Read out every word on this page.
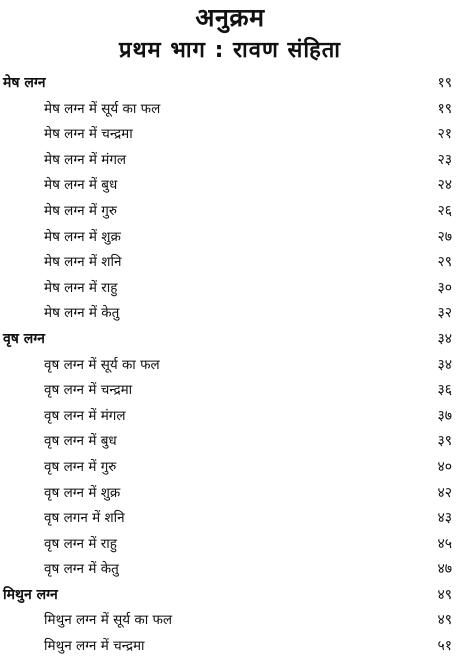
अनुक्रम
प्रथम भाग : रावण संहिता
मेष लग्न	१९
मेष लग्न में सूर्य का फल	१९
मेष लग्न में चन्द्रमा	२१
मेष लग्न में मंगल	२३
मेष लग्न में बुध	२४
मेष लग्न में गुरु	२६
मेष लग्न में शुक्र	२७
मेष लग्न में शनि	२९
मेष लग्न में राहु	३०
मेष लग्न में केतु	३२
वृष लग्न	३४
वृष लग्न में सूर्य का फल	३४
वृष लग्न में चन्द्रमा	३६
वृष लग्न में मंगल	३७
वृष लग्न में बुध	३९
वृष लग्न में गुरु	४०
वृष लग्न में शुक्र	४२
वृष लगन में शनि	४३
वृष लग्न में राहु	४५
वृष लग्न में केतु	४७
मिथुन लग्न	४९
मिथुन लग्न में सूर्य का फल	४९
मिथुन लग्न में चन्द्रमा	५१
